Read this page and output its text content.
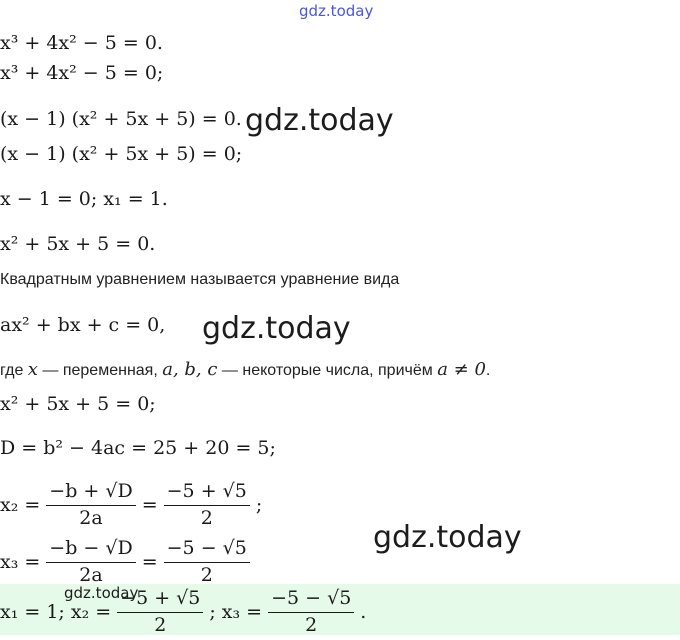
gdz.today
x³ + 4x² − 5 = 0.
x³ + 4x² − 5 = 0;
(x − 1) (x² + 5x + 5) = 0.
(x − 1) (x² + 5x + 5) = 0;
x − 1 = 0; x₁ = 1.
x² + 5x + 5 = 0.
gdz.today
Квадратным уравнением называется уравнение вида
ax² + bx + c = 0, gdz.today
где x — переменная, a, b, c — некоторые числа, причём a ≠ 0.
x² + 5x + 5 = 0;
D = b² − 4ac = 25 + 20 = 5;
$x_2 = \frac{-b + √D}{2a} = \frac{-5 + √5}{2}$ ;
gdz.today
$x_3 = \frac{-b - √D}{2a} = \frac{-5 - √5}{2}$
x₁ = 1; $x_2 = \frac{-5 + √5}{2}$ ; $x_3 = \frac{-5 - √5}{2}$ .
gdz.today
